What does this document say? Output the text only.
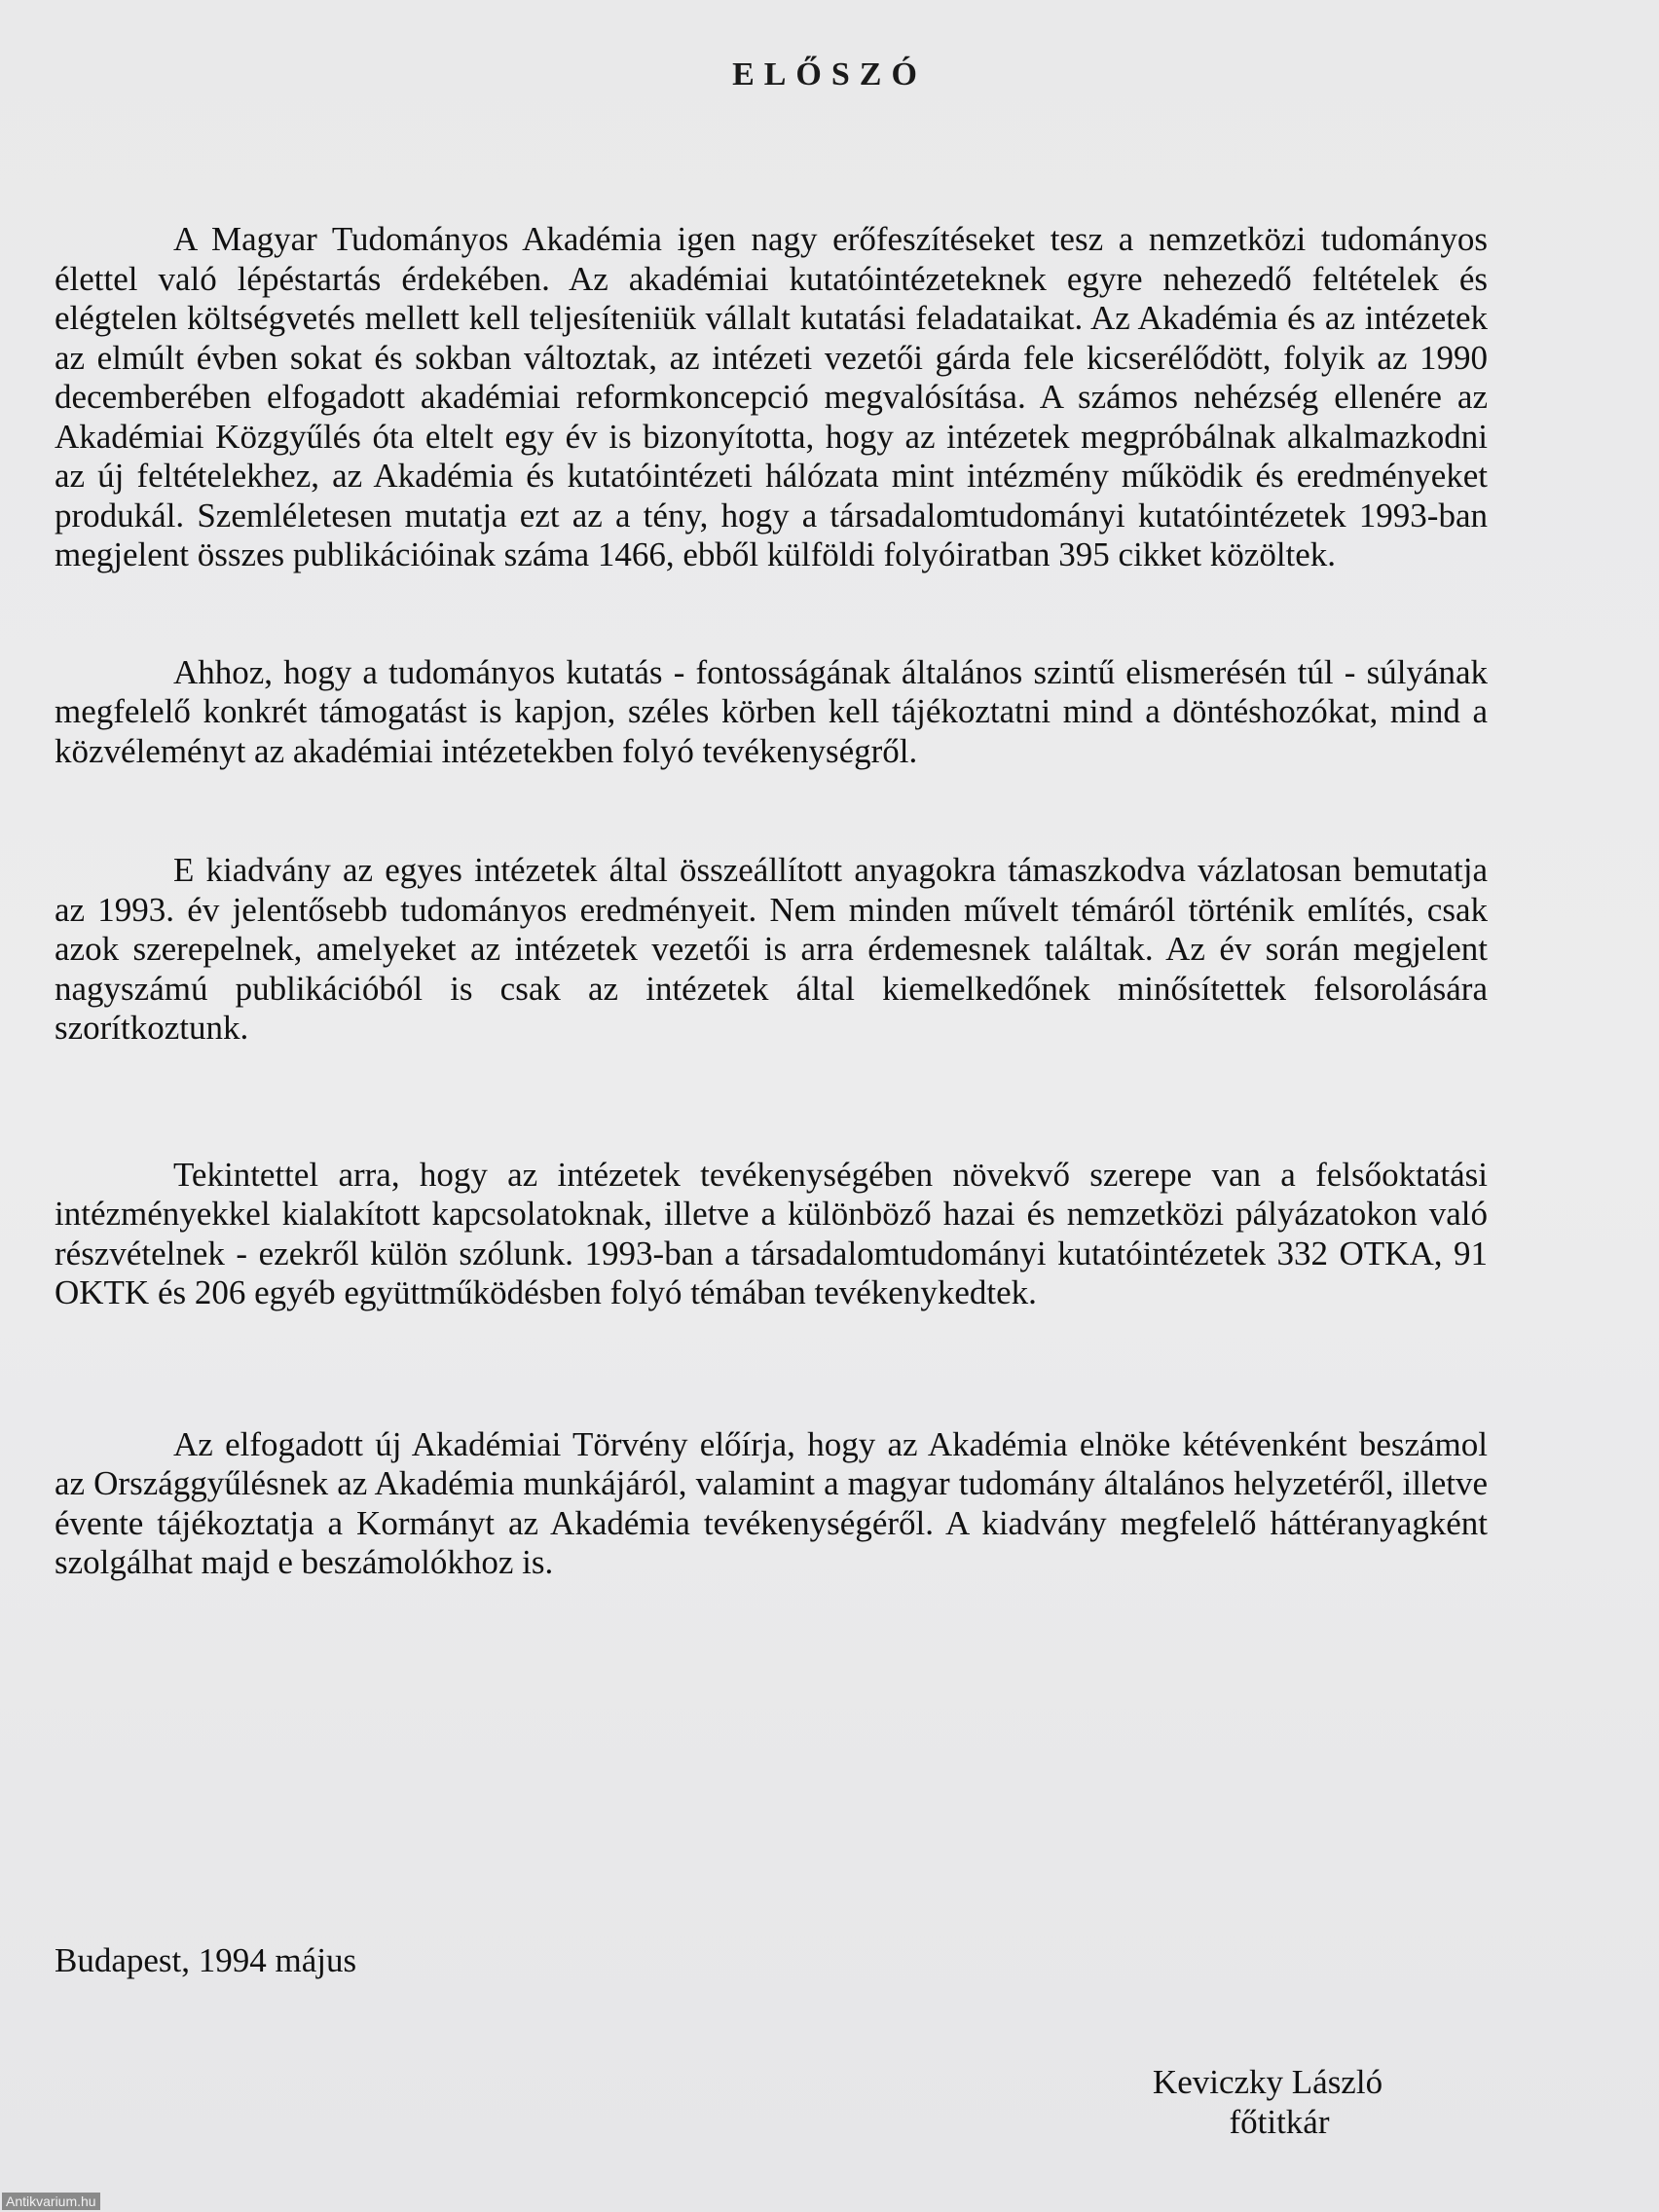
ELŐSZÓ

A Magyar Tudományos Akadémia igen nagy erőfeszítéseket tesz a nemzetközi tudományos élettel való lépéstartás érdekében. Az akadémiai kutatóintézeteknek egyre nehezedő feltételek és elégtelen költségvetés mellett kell teljesíteniük vállalt kutatási feladataikat. Az Akadémia és az intézetek az elmúlt évben sokat és sokban változtak, az intézeti vezetői gárda fele kicserélődött, folyik az 1990 decemberében elfogadott akadémiai reformkoncepció megvalósítása. A számos nehézség ellenére az Akadémiai Közgyűlés óta eltelt egy év is bizonyította, hogy az intézetek megpróbálnak alkalmazkodni az új feltételekhez, az Akadémia és kutatóintézeti hálózata mint intézmény működik és eredményeket produkál. Szemléletesen mutatja ezt az a tény, hogy a társadalomtudományi kutatóintézetek 1993-ban megjelent összes publikációinak száma 1466, ebből külföldi folyóiratban 395 cikket közöltek.

Ahhoz, hogy a tudományos kutatás - fontosságának általános szintű elismerésén túl - súlyának megfelelő konkrét támogatást is kapjon, széles körben kell tájékoztatni mind a döntéshozókat, mind a közvéleményt az akadémiai intézetekben folyó tevékenységről.

E kiadvány az egyes intézetek által összeállított anyagokra támaszkodva vázlatosan bemutatja az 1993. év jelentősebb tudományos eredményeit. Nem minden művelt témáról történik említés, csak azok szerepelnek, amelyeket az intézetek vezetői is arra érdemesnek találtak. Az év során megjelent nagyszámú publikációból is csak az intézetek által kiemelkedőnek minősítettek felsorolására szorítkoztunk.

Tekintettel arra, hogy az intézetek tevékenységében növekvő szerepe van a felsőoktatási intézményekkel kialakított kapcsolatoknak, illetve a különböző hazai és nemzetközi pályázatokon való részvételnek - ezekről külön szólunk. 1993-ban a társadalomtudományi kutatóintézetek 332 OTKA, 91 OKTK és 206 egyéb együttműködésben folyó témában tevékenykedtek.

Az elfogadott új Akadémiai Törvény előírja, hogy az Akadémia elnöke kétévenként beszámol az Országgyűlésnek az Akadémia munkájáról, valamint a magyar tudomány általános helyzetéről, illetve évente tájékoztatja a Kormányt az Akadémia tevékenységéről. A kiadvány megfelelő háttéranyagként szolgálhat majd e beszámolókhoz is.

Budapest, 1994 május
Keviczky László
főtitkár
Antikvarium.hu
